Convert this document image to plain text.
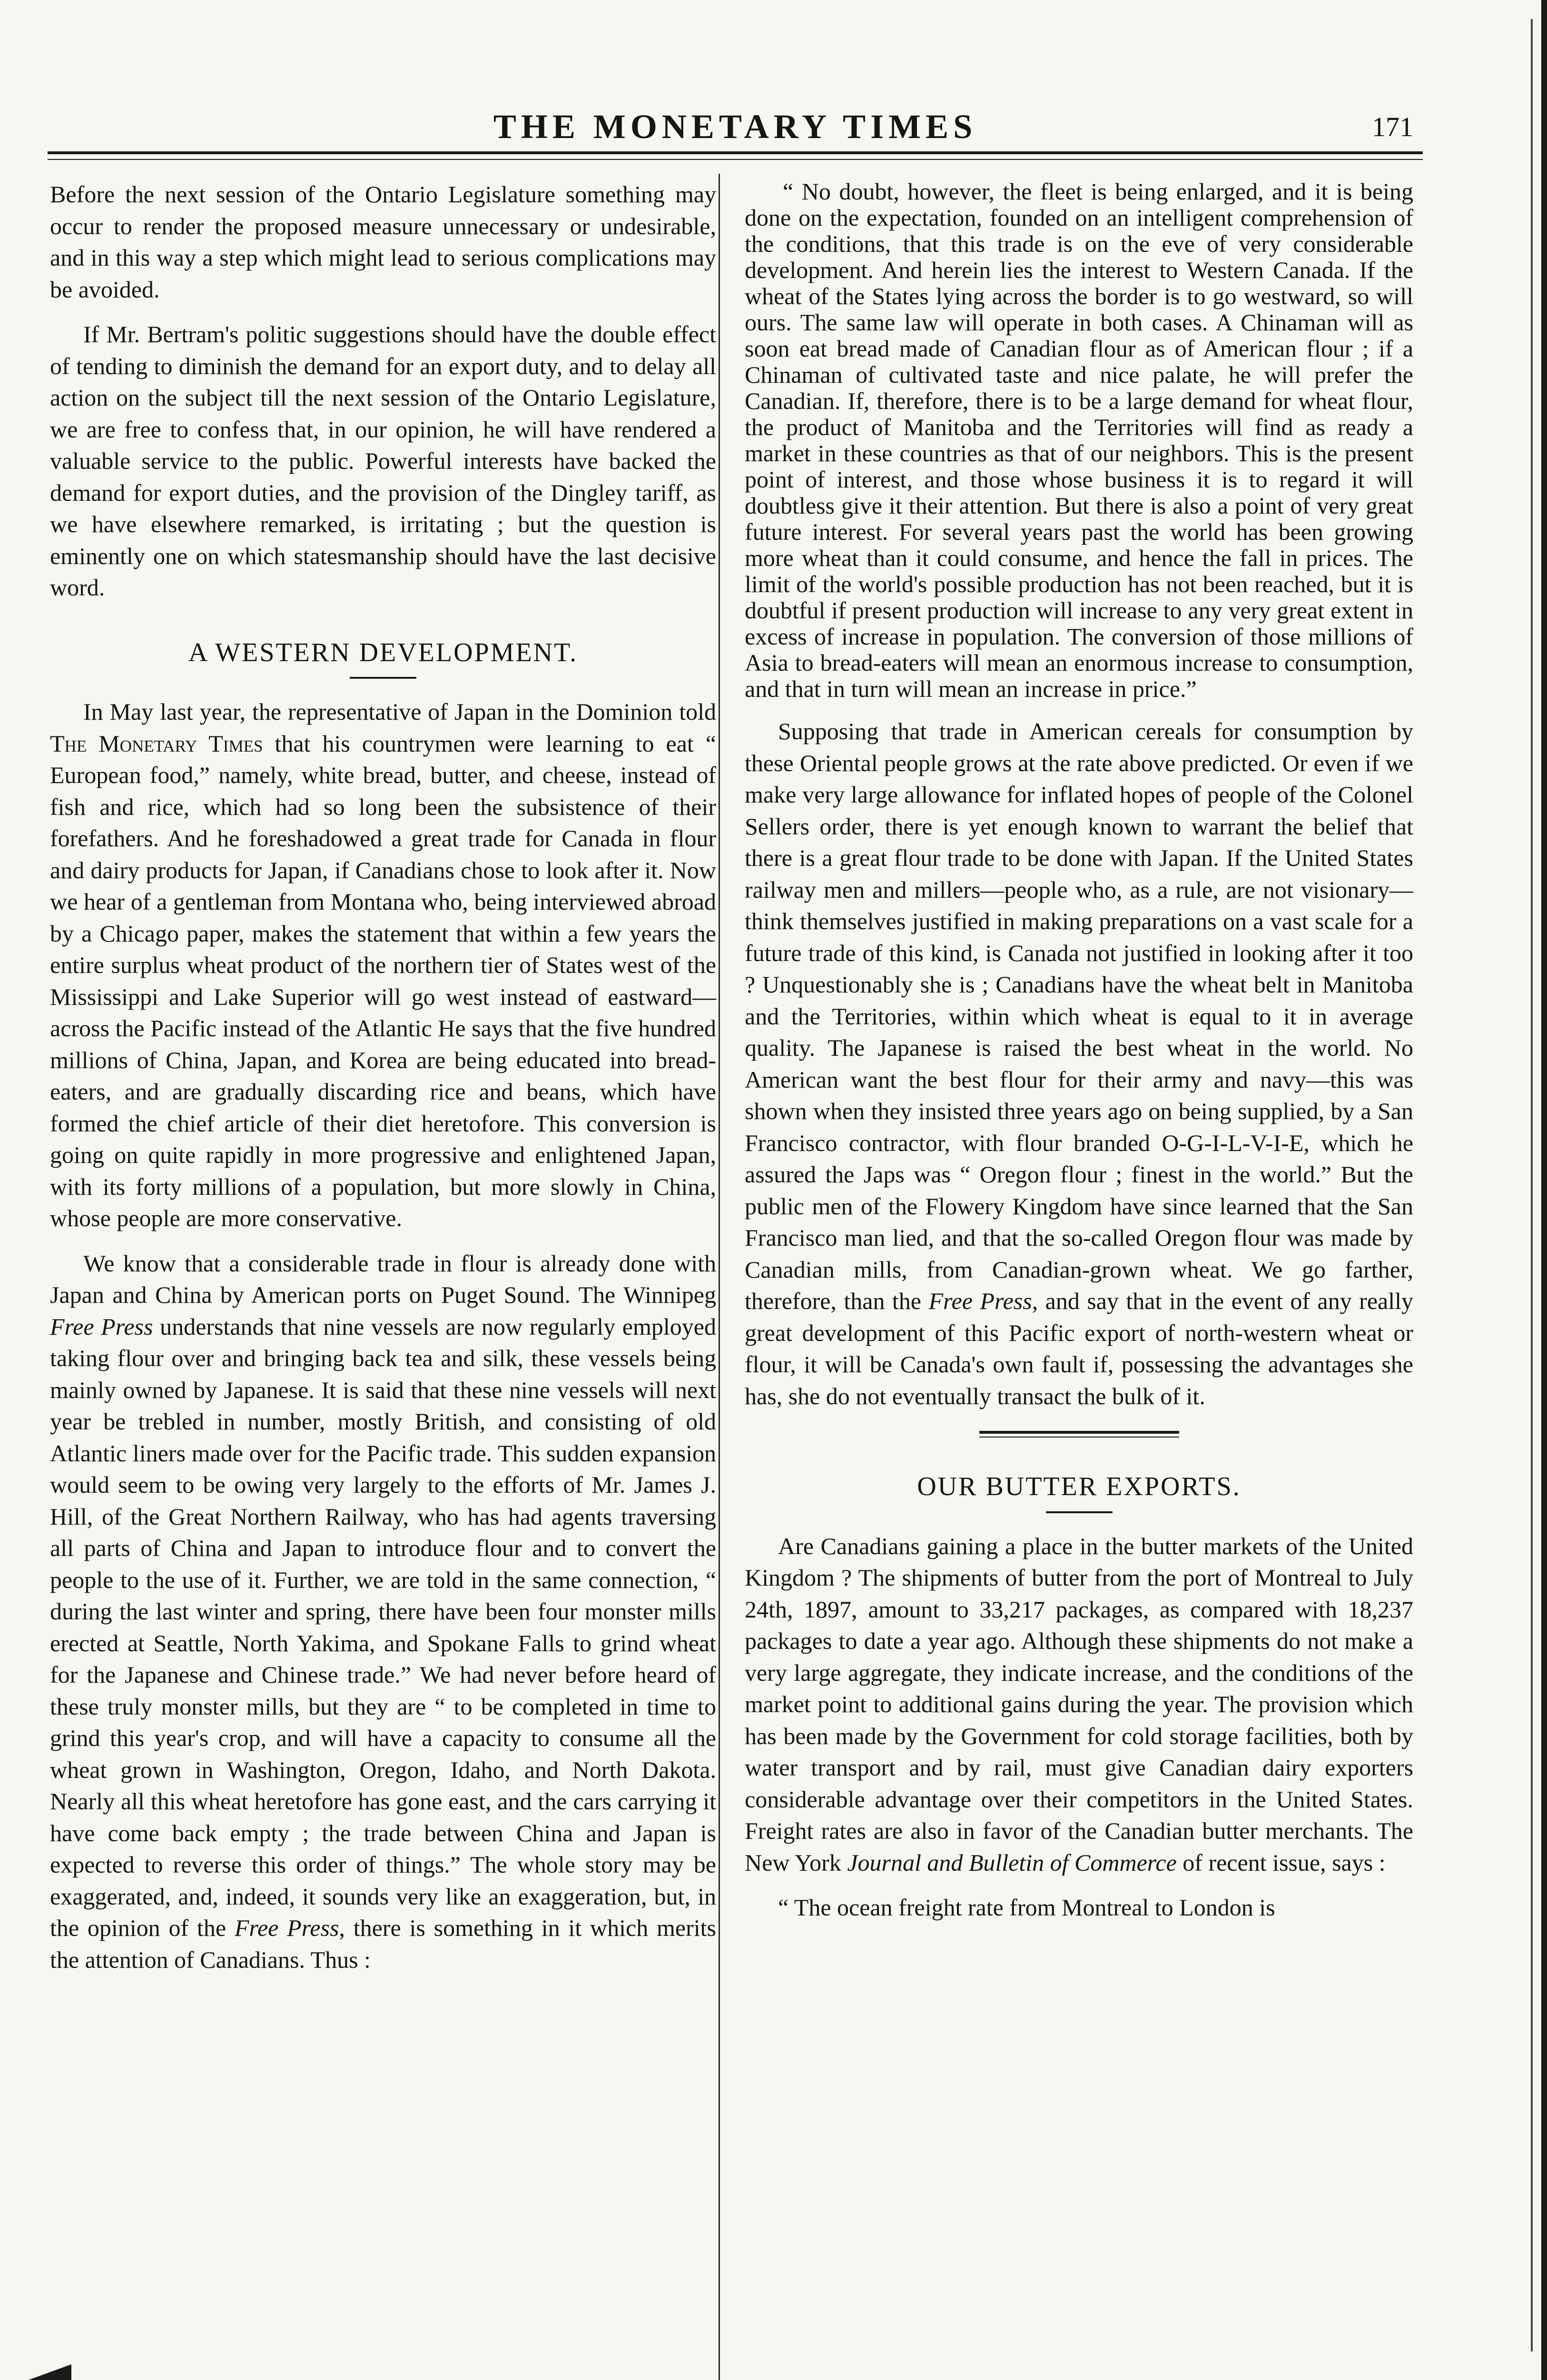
THE MONETARY TIMES	171

Before the next session of the Ontario Legislature something may occur to render the proposed measure unnecessary or undesirable, and in this way a step which might lead to serious complications may be avoided.

If Mr. Bertram's politic suggestions should have the double effect of tending to diminish the demand for an export duty, and to delay all action on the subject till the next session of the Ontario Legislature, we are free to confess that, in our opinion, he will have rendered a valuable service to the public. Powerful interests have backed the demand for export duties, and the provision of the Dingley tariff, as we have elsewhere remarked, is irritating ; but the question is eminently one on which statesmanship should have the last decisive word.

A WESTERN DEVELOPMENT.

In May last year, the representative of Japan in the Dominion told The Monetary Times that his countrymen were learning to eat “ European food,” namely, white bread, butter, and cheese, instead of fish and rice, which had so long been the subsistence of their forefathers. And he foreshadowed a great trade for Canada in flour and dairy products for Japan, if Canadians chose to look after it. Now we hear of a gentleman from Montana who, being interviewed abroad by a Chicago paper, makes the statement that within a few years the entire surplus wheat product of the northern tier of States west of the Mississippi and Lake Superior will go west instead of eastward—across the Pacific instead of the Atlantic He says that the five hundred millions of China, Japan, and Korea are being educated into bread-eaters, and are gradually discarding rice and beans, which have formed the chief article of their diet heretofore. This conversion is going on quite rapidly in more progressive and enlightened Japan, with its forty millions of a population, but more slowly in China, whose people are more conservative.

We know that a considerable trade in flour is already done with Japan and China by American ports on Puget Sound. The Winnipeg Free Press understands that nine vessels are now regularly employed taking flour over and bringing back tea and silk, these vessels being mainly owned by Japanese. It is said that these nine vessels will next year be trebled in number, mostly British, and consisting of old Atlantic liners made over for the Pacific trade. This sudden expansion would seem to be owing very largely to the efforts of Mr. James J. Hill, of the Great Northern Railway, who has had agents traversing all parts of China and Japan to introduce flour and to convert the people to the use of it. Further, we are told in the same connection, “ during the last winter and spring, there have been four monster mills erected at Seattle, North Yakima, and Spokane Falls to grind wheat for the Japanese and Chinese trade.” We had never before heard of these truly monster mills, but they are “ to be completed in time to grind this year's crop, and will have a capacity to consume all the wheat grown in Washington, Oregon, Idaho, and North Dakota. Nearly all this wheat heretofore has gone east, and the cars carrying it have come back empty ; the trade between China and Japan is expected to reverse this order of things.” The whole story may be exaggerated, and, indeed, it sounds very like an exaggeration, but, in the opinion of the Free Press, there is something in it which merits the attention of Canadians. Thus :

“ No doubt, however, the fleet is being enlarged, and it is being done on the expectation, founded on an intelligent comprehension of the conditions, that this trade is on the eve of very considerable development. And herein lies the interest to Western Canada. If the wheat of the States lying across the border is to go westward, so will ours. The same law will operate in both cases. A Chinaman will as soon eat bread made of Canadian flour as of American flour ; if a Chinaman of cultivated taste and nice palate, he will prefer the Canadian. If, therefore, there is to be a large demand for wheat flour, the product of Manitoba and the Territories will find as ready a market in these countries as that of our neighbors. This is the present point of interest, and those whose business it is to regard it will doubtless give it their attention. But there is also a point of very great future interest. For several years past the world has been growing more wheat than it could consume, and hence the fall in prices. The limit of the world's possible production has not been reached, but it is doubtful if present production will increase to any very great extent in excess of increase in population. The conversion of those millions of Asia to bread-eaters will mean an enormous increase to consumption, and that in turn will mean an increase in price.”

Supposing that trade in American cereals for consumption by these Oriental people grows at the rate above predicted. Or even if we make very large allowance for inflated hopes of people of the Colonel Sellers order, there is yet enough known to warrant the belief that there is a great flour trade to be done with Japan. If the United States railway men and millers—people who, as a rule, are not visionary—think themselves justified in making preparations on a vast scale for a future trade of this kind, is Canada not justified in looking after it too ? Unquestionably she is ; Canadians have the wheat belt in Manitoba and the Territories, within which wheat is equal to it in average quality. The Japanese is raised the best wheat in the world. No American want the best flour for their army and navy—this was shown when they insisted three years ago on being supplied, by a San Francisco contractor, with flour branded O-G-I-L-V-I-E, which he assured the Japs was “ Oregon flour ; finest in the world.” But the public men of the Flowery Kingdom have since learned that the San Francisco man lied, and that the so-called Oregon flour was made by Canadian mills, from Canadian-grown wheat. We go farther, therefore, than the Free Press, and say that in the event of any really great development of this Pacific export of north-western wheat or flour, it will be Canada's own fault if, possessing the advantages she has, she do not eventually transact the bulk of it.

OUR BUTTER EXPORTS.

Are Canadians gaining a place in the butter markets of the United Kingdom ? The shipments of butter from the port of Montreal to July 24th, 1897, amount to 33,217 packages, as compared with 18,237 packages to date a year ago. Although these shipments do not make a very large aggregate, they indicate increase, and the conditions of the market point to additional gains during the year. The provision which has been made by the Government for cold storage facilities, both by water transport and by rail, must give Canadian dairy exporters considerable advantage over their competitors in the United States. Freight rates are also in favor of the Canadian butter merchants. The New York Journal and Bulletin of Commerce of recent issue, says :

“ The ocean freight rate from Montreal to London is
